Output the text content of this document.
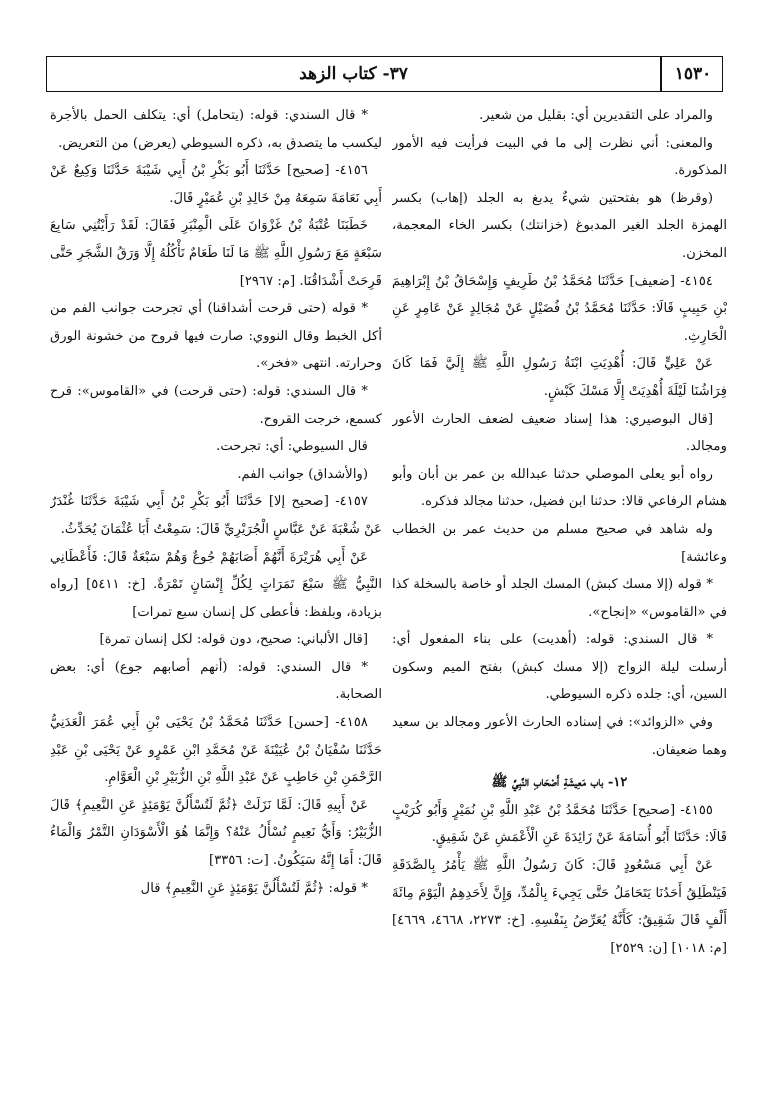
١٥٣٠
٣٧- كتاب الزهد

والمراد على التقديرين أي: بقليل من شعير.

والمعنى: أني نظرت إلى ما في البيت فرأيت فيه الأمور المذكورة.

(وقرظ) هو بفتحتين شيءٌ يدبغ به الجلد (إهاب) بكسر الهمزة الجلد الغير المدبوغ (خزانتك) بكسر الخاء المعجمة، المخزن.

٤١٥٤- [ضعيف] حَدَّثَنَا مُحَمَّدُ بْنُ طَرِيفٍ وَإِسْحَاقُ بْنُ إِبْرَاهِيمَ بْنِ حَبِيبٍ قَالَا: حَدَّثَنَا مُحَمَّدُ بْنُ فُضَيْلٍ عَنْ مُجَالِدٍ عَنْ عَامِرٍ عَنِ الْحَارِثِ.

عَنْ عَلِيٍّ قَالَ: أُهْدِيَتِ ابْنَةُ رَسُولِ اللَّهِ ﷺ إِلَيَّ فَمَا كَانَ فِرَاشُنَا لَيْلَةَ أُهْدِيَتْ إِلَّا مَسْكَ كَبْشٍ.

[قال البوصيري: هذا إسناد ضعيف لضعف الحارث الأعور ومجالد.

رواه أبو يعلى الموصلي حدثنا عبدالله بن عمر بن أبان وأبو هشام الرفاعي قالا: حدثنا ابن فضيل، حدثنا مجالد فذكره.

وله شاهد في صحيح مسلم من حديث عمر بن الخطاب وعائشة]

* قوله (إلا مسك كبش) المسك الجلد أو خاصة بالسخلة كذا في «القاموس» «إنجاح».

* قال السندي: قوله: (أهديت) على بناء المفعول أي: أرسلت ليلة الزواج (إلا مسك كبش) بفتح الميم وسكون السين، أي: جلده ذكره السيوطي.

وفي «الزوائد»: في إسناده الحارث الأعور ومجالد بن سعيد وهما ضعيفان.

١٢- باب مَعِيشَةِ أَصْحَابِ النَّبِيِّ ﷺ

٤١٥٥- [صحيح] حَدَّثَنَا مُحَمَّدُ بْنُ عَبْدِ اللَّهِ بْنِ نُمَيْرٍ وَأَبُو كُرَيْبٍ قَالَا: حَدَّثَنَا أَبُو أُسَامَةَ عَنْ زَائِدَةَ عَنِ الْأَعْمَشِ عَنْ شَقِيقٍ.

عَنْ أَبِي مَسْعُودٍ قَالَ: كَانَ رَسُولُ اللَّهِ ﷺ يَأْمُرُ بِالصَّدَقَةِ فَيَنْطَلِقُ أَحَدُنَا يَتَحَامَلُ حَتَّى يَجِيءَ بِالْمُدِّ، وَإِنَّ لِأَحَدِهِمُ الْيَوْمَ مِائَةَ أَلْفٍ قَالَ شَقِيقٌ: كَأَنَّهُ يُعَرِّضُ بِنَفْسِهِ. [خ: ٢٢٧٣، ٤٦٦٨، ٤٦٦٩] [م: ١٠١٨] [ن: ٢٥٢٩]

* قال السندي: قوله: (يتحامل) أي: يتكلف الحمل بالأجرة ليكسب ما يتصدق به، ذكره السيوطي (يعرض) من التعريض.

٤١٥٦- [صحيح] حَدَّثَنَا أَبُو بَكْرِ بْنُ أَبِي شَيْبَةَ حَدَّثَنَا وَكِيعٌ عَنْ أَبِي نَعَامَةَ سَمِعَهُ مِنْ خَالِدِ بْنِ عُمَيْرٍ قَالَ.

خَطَبَنَا عُتْبَةُ بْنُ غَزْوَانَ عَلَى الْمِنْبَرِ فَقَالَ: لَقَدْ رَأَيْتُنِي سَابِعَ سَبْعَةٍ مَعَ رَسُولِ اللَّهِ ﷺ مَا لَنَا طَعَامٌ نَأْكُلُهُ إِلَّا وَرَقُ الشَّجَرِ حَتَّى قَرِحَتْ أَشْدَاقُنَا. [م: ٢٩٦٧]

* قوله (حتى قرحت أشداقنا) أي تجرحت جوانب الفم من أكل الخبط وقال النووي: صارت فيها قروح من خشونة الورق وحرارته. انتهى «فخر».

* قال السندي: قوله: (حتى قرحت) في «القاموس»: قرح كسمع، خرجت القروح.

قال السيوطي: أي: تجرحت.

(والأشداق) جوانب الفم.

٤١٥٧- [صحيح إلا] حَدَّثَنَا أَبُو بَكْرِ بْنُ أَبِي شَيْبَةَ حَدَّثَنَا غُنْدَرٌ عَنْ شُعْبَةَ عَنْ عَبَّاسٍ الْجُرَيْرِيِّ قَالَ: سَمِعْتُ أَبَا عُثْمَانَ يُحَدِّثُ.

عَنْ أَبِي هُرَيْرَةَ أَنَّهُمْ أَصَابَهُمْ جُوعٌ وَهُمْ سَبْعَةٌ قَالَ: فَأَعْطَانِي النَّبِيُّ ﷺ سَبْعَ تَمَرَاتٍ لِكُلِّ إِنْسَانٍ تَمْرَةٌ. [خ: ٥٤١١] [رواه بزيادة، وبلفظ: فأعطى كل إنسان سبع تمرات]

[قال الألباني: صحيح، دون قوله: لكل إنسان تمرة]

* قال السندي: قوله: (أنهم أصابهم جوع) أي: بعض الصحابة.

٤١٥٨- [حسن] حَدَّثَنَا مُحَمَّدُ بْنُ يَحْيَى بْنِ أَبِي عُمَرَ الْعَدَنِيُّ حَدَّثَنَا سُفْيَانُ بْنُ عُيَيْنَةَ عَنْ مُحَمَّدِ ابْنِ عَمْرٍو عَنْ يَحْيَى بْنِ عَبْدِ الرَّحْمَنِ بْنِ حَاطِبٍ عَنْ عَبْدِ اللَّهِ بْنِ الزُّبَيْرِ بْنِ الْعَوَّامِ.

عَنْ أَبِيهِ قَالَ: لَمَّا نَزَلَتْ ﴿ثُمَّ لَتُسْأَلُنَّ يَوْمَئِذٍ عَنِ النَّعِيمِ﴾ قَالَ الزُّبَيْرُ: وَأَيُّ نَعِيمٍ نُسْأَلُ عَنْهُ؟ وَإِنَّمَا هُوَ الْأَسْوَدَانِ التَّمْرُ وَالْمَاءُ قَالَ: أَمَا إِنَّهُ سَيَكُونُ. [ت: ٣٣٥٦]

* قوله: ﴿ثُمَّ لَتُسْأَلُنَّ يَوْمَئِذٍ عَنِ النَّعِيمِ﴾ قال
